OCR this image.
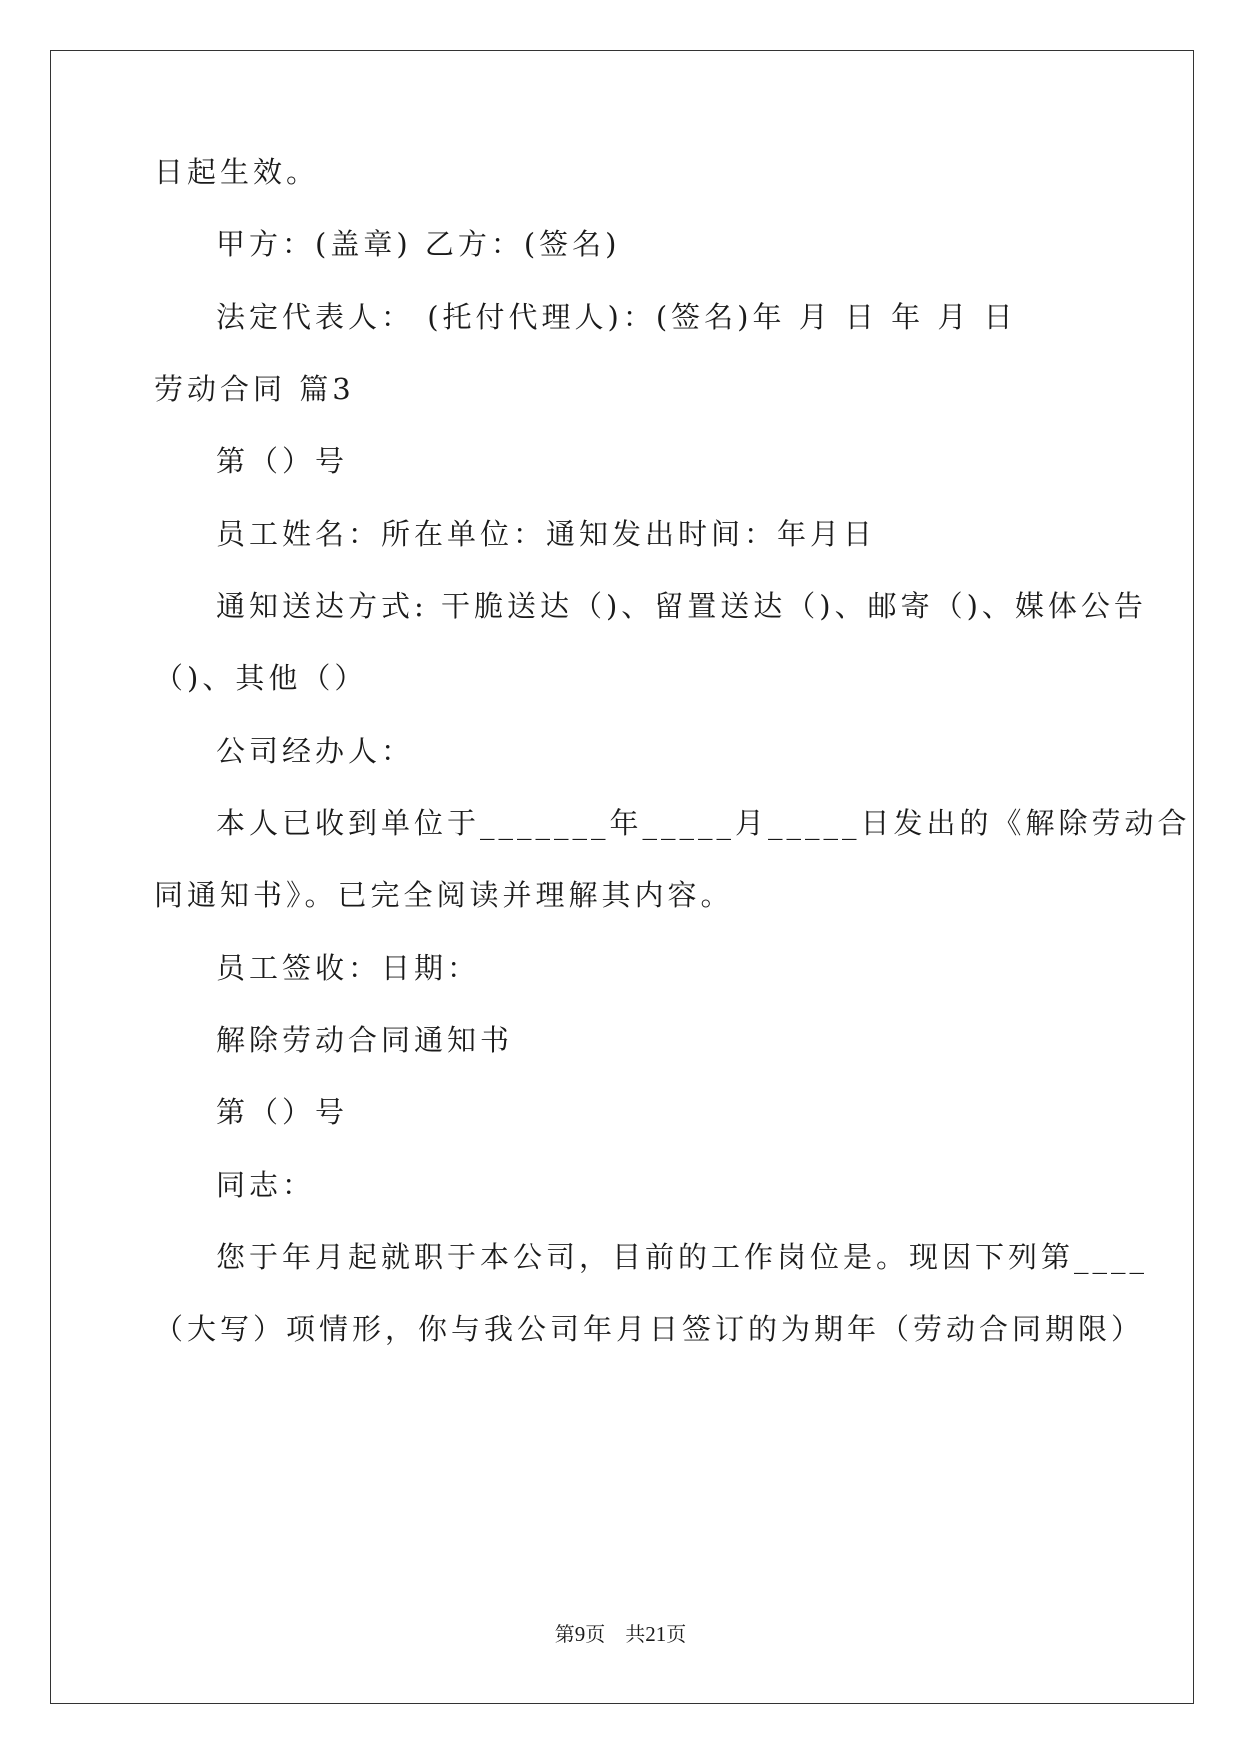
日起生效。
甲方：(盖章) 乙方：(签名)
法定代表人： (托付代理人)：(签名)年 月 日 年 月 日
劳动合同 篇3
第（）号
员工姓名：所在单位：通知发出时间：年月日
通知送达方式: 干脆送达（)、留置送达（)、邮寄（)、媒体公告
（)、其他（）
公司经办人：
本人已收到单位于_______年_____月_____日发出的《解除劳动合
同通知书》。已完全阅读并理解其内容。
员工签收：日期：
解除劳动合同通知书
第（）号
同志：
您于年月起就职于本公司，目前的工作岗位是。现因下列第____
（大写）项情形，你与我公司年月日签订的为期年（劳动合同期限）
第9页　共21页
